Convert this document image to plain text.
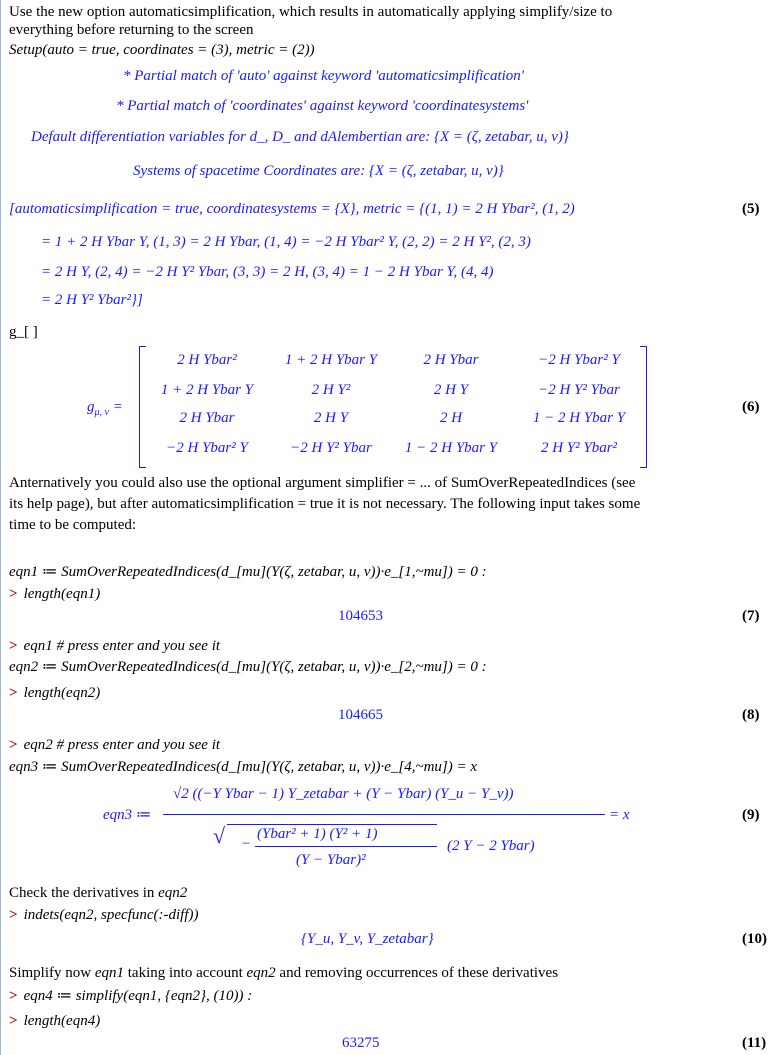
Use the new option automaticsimplification, which results in automatically applying simplify/size to
everything before returning to the screen
Setup(auto = true, coordinates = (3), metric = (2))
* Partial match of 'auto' against keyword 'automaticsimplification'
* Partial match of 'coordinates' against keyword 'coordinatesystems'
Default differentiation variables for d_, D_ and dAlembertian are: {X = (ζ, zetabar, u, v)}
Systems of spacetime Coordinates are: {X = (ζ, zetabar, u, v)}
[automaticsimplification = true, coordinatesystems = {X}, metric = {(1, 1) = 2 H Ybar², (1, 2)	(5)
= 1 + 2 H Ybar Y, (1, 3) = 2 H Ybar, (1, 4) = −2 H Ybar² Y, (2, 2) = 2 H Y², (2, 3)
= 2 H Y, (2, 4) = −2 H Y² Ybar, (3, 3) = 2 H, (3, 4) = 1 − 2 H Ybar Y, (4, 4)
= 2 H Y² Ybar²}]
g_[ ]
$g_{\mu, \nu}$ =
2 H Ybar²	1 + 2 H Ybar Y	2 H Ybar	−2 H Ybar² Y
1 + 2 H Ybar Y	2 H Y²	2 H Y	−2 H Y² Ybar
2 H Ybar	2 H Y	2 H	1 − 2 H Ybar Y
−2 H Ybar² Y	−2 H Y² Ybar	1 − 2 H Ybar Y	2 H Y² Ybar²
(6)
Anternatively you could also use the optional argument simplifier = ... of SumOverRepeatedIndices (see
its help page), but after automaticsimplification = true it is not necessary. The following input takes some
time to be computed:
eqn1 ≔ SumOverRepeatedIndices(d_[mu](Y(ζ, zetabar, u, v))·e_[1,~mu]) = 0 :
> length(eqn1)
104653	(7)
> eqn1 # press enter and you see it
eqn2 ≔ SumOverRepeatedIndices(d_[mu](Y(ζ, zetabar, u, v))·e_[2,~mu]) = 0 :
> length(eqn2)
104665	(8)
> eqn2 # press enter and you see it
eqn3 ≔ SumOverRepeatedIndices(d_[mu](Y(ζ, zetabar, u, v))·e_[4,~mu]) = x
eqn3 ≔
√2 ((−Y Ybar − 1) Y_zetabar + (Y − Ybar) (Y_u − Y_v))
√ −
(Ybar² + 1) (Y² + 1)
(Y − Ybar)²
(2 Y − 2 Ybar)
= x	(9)
Check the derivatives in eqn2
> indets(eqn2, specfunc(:-diff))
{Y_u, Y_v, Y_zetabar}	(10)
Simplify now eqn1 taking into account eqn2 and removing occurrences of these derivatives
> eqn4 ≔ simplify(eqn1, {eqn2}, (10)) :
> length(eqn4)
63275	(11)
